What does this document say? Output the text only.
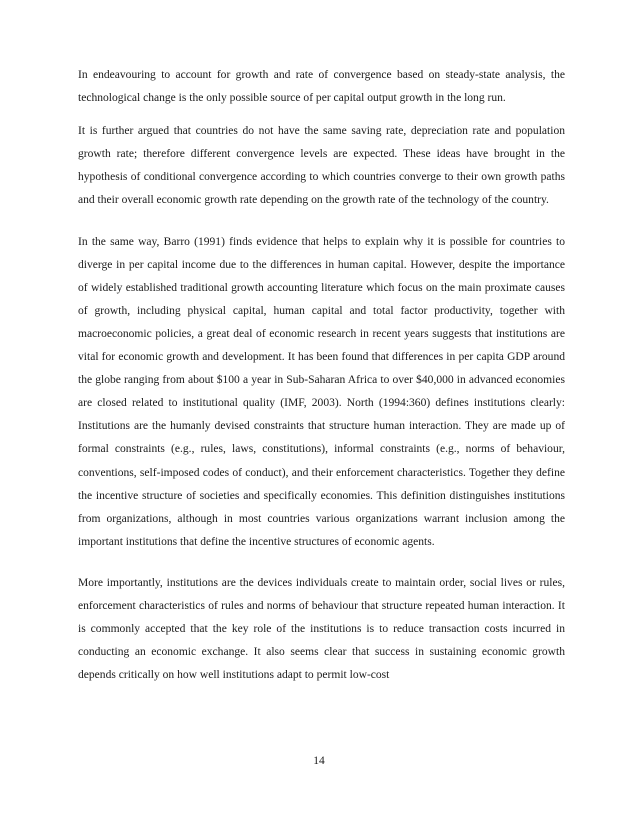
In endeavouring to account for growth and rate of convergence based on steady-state analysis, the technological change is the only possible source of per capital output growth in the long run.

It is further argued that countries do not have the same saving rate, depreciation rate and population growth rate; therefore different convergence levels are expected. These ideas have brought in the hypothesis of conditional convergence according to which countries converge to their own growth paths and their overall economic growth rate depending on the growth rate of the technology of the country.

In the same way, Barro (1991) finds evidence that helps to explain why it is possible for countries to diverge in per capital income due to the differences in human capital. However, despite the importance of widely established traditional growth accounting literature which focus on the main proximate causes of growth, including physical capital, human capital and total factor productivity, together with macroeconomic policies, a great deal of economic research in recent years suggests that institutions are vital for economic growth and development. It has been found that differences in per capita GDP around the globe ranging from about $100 a year in Sub-Saharan Africa to over $40,000 in advanced economies are closed related to institutional quality (IMF, 2003). North (1994:360) defines institutions clearly: Institutions are the humanly devised constraints that structure human interaction. They are made up of formal constraints (e.g., rules, laws, constitutions), informal constraints (e.g., norms of behaviour, conventions, self-imposed codes of conduct), and their enforcement characteristics. Together they define the incentive structure of societies and specifically economies. This definition distinguishes institutions from organizations, although in most countries various organizations warrant inclusion among the important institutions that define the incentive structures of economic agents.

More importantly, institutions are the devices individuals create to maintain order, social lives or rules, enforcement characteristics of rules and norms of behaviour that structure repeated human interaction. It is commonly accepted that the key role of the institutions is to reduce transaction costs incurred in conducting an economic exchange. It also seems clear that success in sustaining economic growth depends critically on how well institutions adapt to permit low-cost

14
